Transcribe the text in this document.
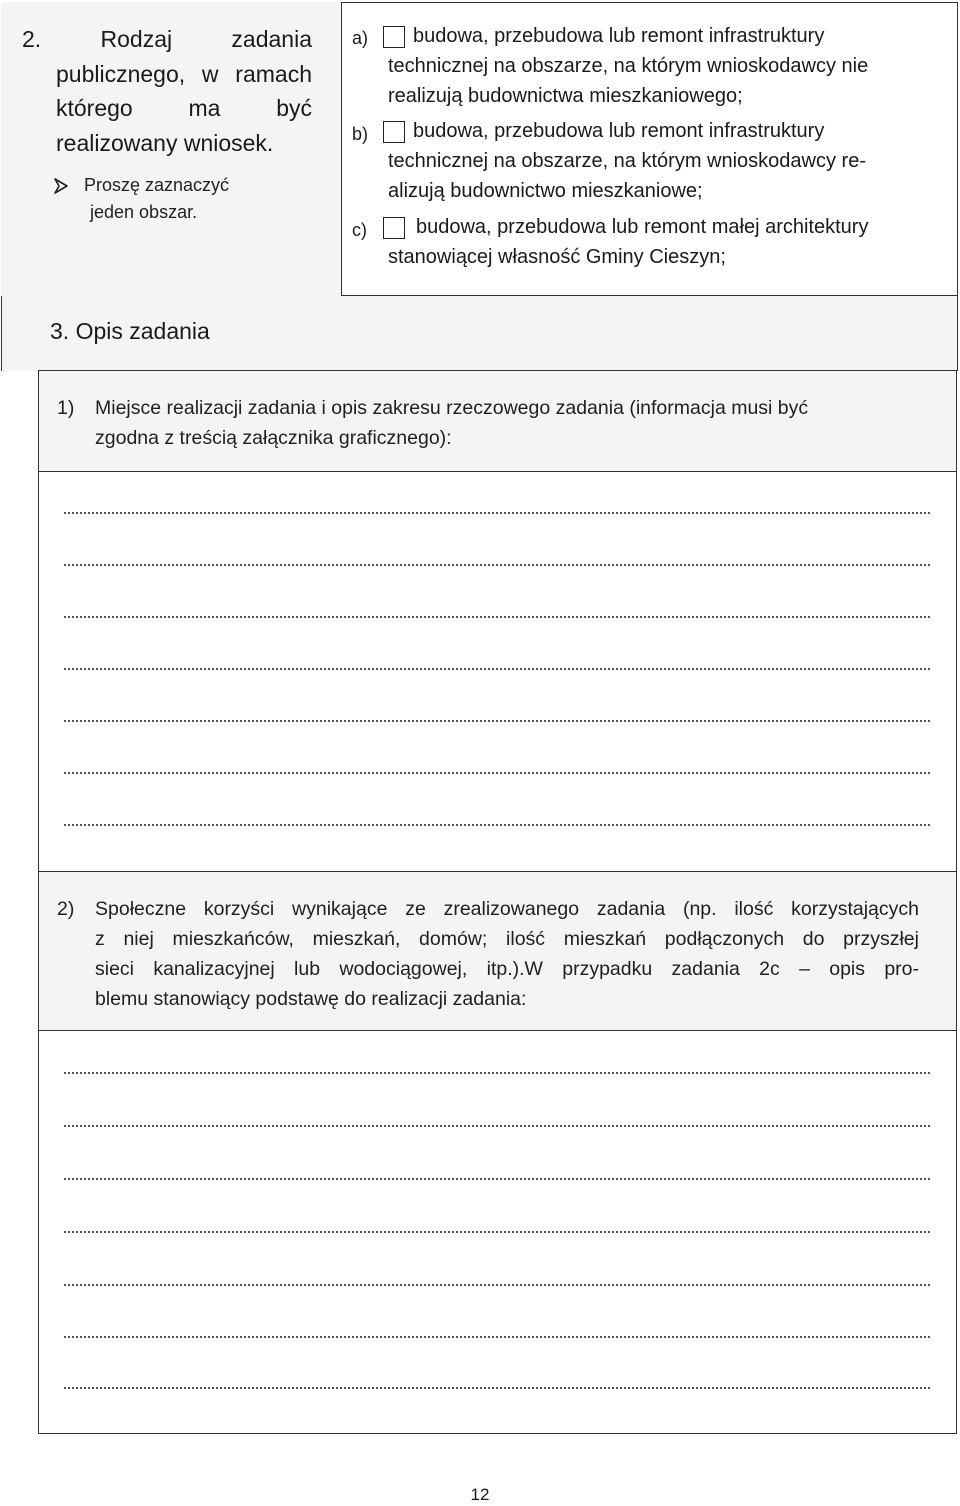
2. Rodzaj zadania publicznego, w ramach którego ma być realizowany wniosek.
Proszę zaznaczyć
jeden obszar.
a) budowa, przebudowa lub remont infrastruktury
technicznej na obszarze, na którym wnioskodawcy nie
realizują budownictwa mieszkaniowego;
b) budowa, przebudowa lub remont infrastruktury
technicznej na obszarze, na którym wnioskodawcy re-
alizują budownictwo mieszkaniowe;
c) budowa, przebudowa lub remont małej architektury
stanowiącej własność Gminy Cieszyn;
3. Opis zadania
1) Miejsce realizacji zadania i opis zakresu rzeczowego zadania (informacja musi być
zgodna z treścią załącznika graficznego):
2) Społeczne korzyści wynikające ze zrealizowanego zadania (np. ilość korzystających
z niej mieszkańców, mieszkań, domów; ilość mieszkań podłączonych do przyszłej
sieci kanalizacyjnej lub wodociągowej, itp.).W przypadku zadania 2c – opis pro-
blemu stanowiący podstawę do realizacji zadania:
12
